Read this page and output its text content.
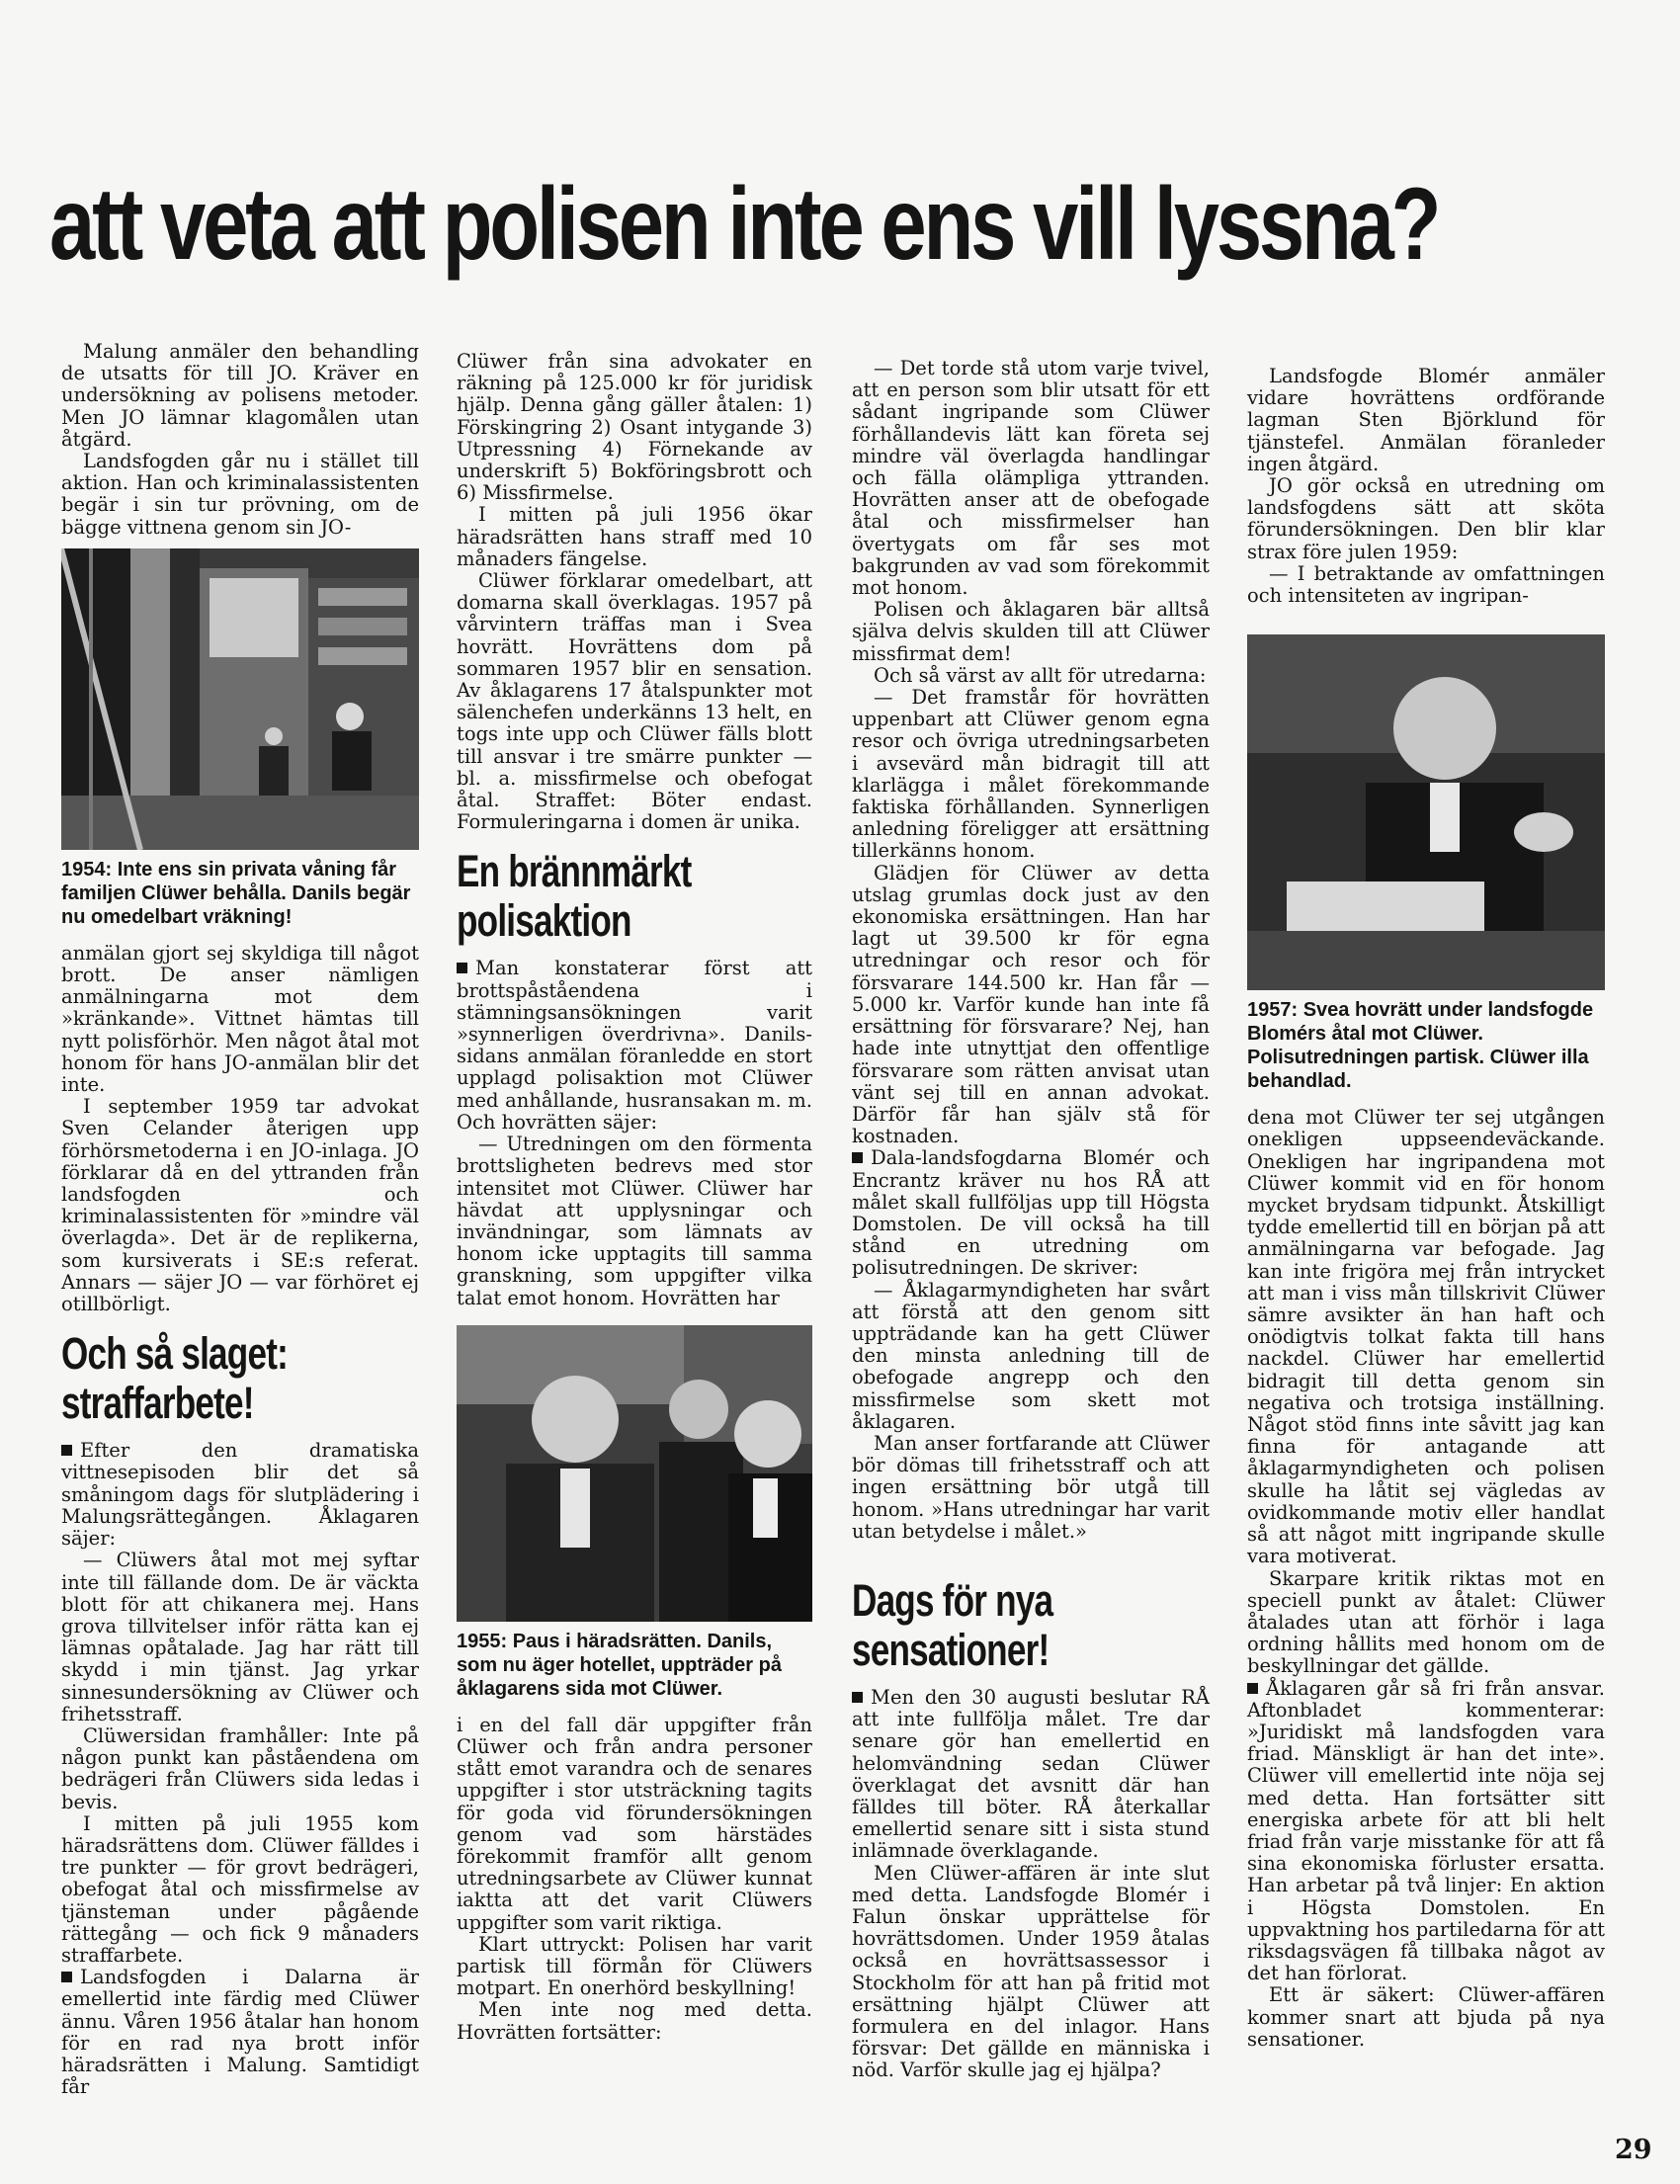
att veta att polisen inte ens vill lyssna?

Malung anmäler den behandling de utsatts för till JO. Kräver en undersökning av polisens metoder. Men JO lämnar klagomålen utan åtgärd.

Landsfogden går nu i stället till aktion. Han och kriminalassistenten begär i sin tur prövning, om de bägge vittnena genom sin JO-

1954: Inte ens sin privata våning får familjen Clüwer behålla. Danils begär nu omedelbart vräkning!

anmälan gjort sej skyldiga till något brott. De anser nämligen anmälningarna mot dem »kränkande». Vittnet hämtas till nytt polisförhör. Men något åtal mot honom för hans JO-anmälan blir det inte.

I september 1959 tar advokat Sven Celander återigen upp förhörsmetoderna i en JO-inlaga. JO förklarar då en del yttranden från landsfogden och kriminalassistenten för »mindre väl överlagda». Det är de replikerna, som kursiverats i SE:s referat. Annars — säjer JO — var förhöret ej otillbörligt.

Och så slaget:
straffarbete!

Efter den dramatiska vittnesepisoden blir det så småningom dags för slutplädering i Malungsrättegången. Åklagaren säjer:

— Clüwers åtal mot mej syftar inte till fällande dom. De är väckta blott för att chikanera mej. Hans grova tillvitelser inför rätta kan ej lämnas opåtalade. Jag har rätt till skydd i min tjänst. Jag yrkar sinnesundersökning av Clüwer och frihetsstraff.

Clüwersidan framhåller: Inte på någon punkt kan påståendena om bedrägeri från Clüwers sida ledas i bevis.

I mitten på juli 1955 kom häradsrättens dom. Clüwer fälldes i tre punkter — för grovt bedrägeri, obefogat åtal och missfirmelse av tjänsteman under pågående rättegång — och fick 9 månaders straffarbete.

Landsfogden i Dalarna är emellertid inte färdig med Clüwer ännu. Våren 1956 åtalar han honom för en rad nya brott inför häradsrätten i Malung. Samtidigt får

Clüwer från sina advokater en räkning på 125.000 kr för juridisk hjälp. Denna gång gäller åtalen: 1) Förskingring 2) Osant intygande 3) Utpressning 4) Förnekande av underskrift 5) Bokföringsbrott och 6) Missfirmelse.

I mitten på juli 1956 ökar häradsrätten hans straff med 10 månaders fängelse.

Clüwer förklarar omedelbart, att domarna skall överklagas. 1957 på vårvintern träffas man i Svea hovrätt. Hovrättens dom på sommaren 1957 blir en sensation. Av åklagarens 17 åtalspunkter mot sälenchefen underkänns 13 helt, en togs inte upp och Clüwer fälls blott till ansvar i tre smärre punkter — bl. a. missfirmelse och obefogat åtal. Straffet: Böter endast. Formuleringarna i domen är unika.

En brännmärkt
polisaktion

Man konstaterar först att brottspåståendena i stämningsansökningen varit »synnerligen överdrivna». Danils-sidans anmälan föranledde en stort upplagd polisaktion mot Clüwer med anhållande, husransakan m. m. Och hovrätten säjer:

— Utredningen om den förmenta brottsligheten bedrevs med stor intensitet mot Clüwer. Clüwer har hävdat att upplysningar och invändningar, som lämnats av honom icke upptagits till samma granskning, som uppgifter vilka talat emot honom. Hovrätten har

1955: Paus i häradsrätten. Danils, som nu äger hotellet, uppträder på åklagarens sida mot Clüwer.

i en del fall där uppgifter från Clüwer och från andra personer stått emot varandra och de senares uppgifter i stor utsträckning tagits för goda vid förundersökningen genom vad som härstädes förekommit framför allt genom utredningsarbete av Clüwer kunnat iaktta att det varit Clüwers uppgifter som varit riktiga.

Klart uttryckt: Polisen har varit partisk till förmån för Clüwers motpart. En onerhörd beskyllning!

Men inte nog med detta. Hovrätten fortsätter:

— Det torde stå utom varje tvivel, att en person som blir utsatt för ett sådant ingripande som Clüwer förhållandevis lätt kan företa sej mindre väl överlagda handlingar och fälla olämpliga yttranden. Hovrätten anser att de obefogade åtal och missfirmelser han övertygats om får ses mot bakgrunden av vad som förekommit mot honom.

Polisen och åklagaren bär alltså själva delvis skulden till att Clüwer missfirmat dem!

Och så värst av allt för utredarna:

— Det framstår för hovrätten uppenbart att Clüwer genom egna resor och övriga utredningsarbeten i avsevärd mån bidragit till att klarlägga i målet förekommande faktiska förhållanden. Synnerligen anledning föreligger att ersättning tillerkänns honom.

Glädjen för Clüwer av detta utslag grumlas dock just av den ekonomiska ersättningen. Han har lagt ut 39.500 kr för egna utredningar och resor och för försvarare 144.500 kr. Han får — 5.000 kr. Varför kunde han inte få ersättning för försvarare? Nej, han hade inte utnyttjat den offentlige försvarare som rätten anvisat utan vänt sej till en annan advokat. Därför får han själv stå för kostnaden.

Dala-landsfogdarna Blomér och Encrantz kräver nu hos RÅ att målet skall fullföljas upp till Högsta Domstolen. De vill också ha till stånd en utredning om polisutredningen. De skriver:

— Åklagarmyndigheten har svårt att förstå att den genom sitt uppträdande kan ha gett Clüwer den minsta anledning till de obefogade angrepp och den missfirmelse som skett mot åklagaren.

Man anser fortfarande att Clüwer bör dömas till frihetsstraff och att ingen ersättning bör utgå till honom. »Hans utredningar har varit utan betydelse i målet.»

Dags för nya
sensationer!

Men den 30 augusti beslutar RÅ att inte fullfölja målet. Tre dar senare gör han emellertid en helomvändning sedan Clüwer överklagat det avsnitt där han fälldes till böter. RÅ återkallar emellertid senare sitt i sista stund inlämnade överklagande.

Men Clüwer-affären är inte slut med detta. Landsfogde Blomér i Falun önskar upprättelse för hovrättsdomen. Under 1959 åtalas också en hovrättsassessor i Stockholm för att han på fritid mot ersättning hjälpt Clüwer att formulera en del inlagor. Hans försvar: Det gällde en människa i nöd. Varför skulle jag ej hjälpa?

Landsfogde Blomér anmäler vidare hovrättens ordförande lagman Sten Björklund för tjänstefel. Anmälan föranleder ingen åtgärd.

JO gör också en utredning om landsfogdens sätt att sköta förundersökningen. Den blir klar strax före julen 1959:

— I betraktande av omfattningen och intensiteten av ingripan-

1957: Svea hovrätt under landsfogde Blomérs åtal mot Clüwer. Polisutredningen partisk. Clüwer illa behandlad.

dena mot Clüwer ter sej utgången onekligen uppseendeväckande. Onekligen har ingripandena mot Clüwer kommit vid en för honom mycket brydsam tidpunkt. Åtskilligt tydde emellertid till en början på att anmälningarna var befogade. Jag kan inte frigöra mej från intrycket att man i viss mån tillskrivit Clüwer sämre avsikter än han haft och onödigtvis tolkat fakta till hans nackdel. Clüwer har emellertid bidragit till detta genom sin negativa och trotsiga inställning. Något stöd finns inte såvitt jag kan finna för antagande att åklagarmyndigheten och polisen skulle ha låtit sej vägledas av ovidkommande motiv eller handlat så att något mitt ingripande skulle vara motiverat.

Skarpare kritik riktas mot en speciell punkt av åtalet: Clüwer åtalades utan att förhör i laga ordning hållits med honom om de beskyllningar det gällde.

Åklagaren går så fri från ansvar. Aftonbladet kommenterar: »Juridiskt må landsfogden vara friad. Mänskligt är han det inte». Clüwer vill emellertid inte nöja sej med detta. Han fortsätter sitt energiska arbete för att bli helt friad från varje misstanke för att få sina ekonomiska förluster ersatta. Han arbetar på två linjer: En aktion i Högsta Domstolen. En uppvaktning hos partiledarna för att riksdagsvägen få tillbaka något av det han förlorat.

Ett är säkert: Clüwer-affären kommer snart att bjuda på nya sensationer.

29
